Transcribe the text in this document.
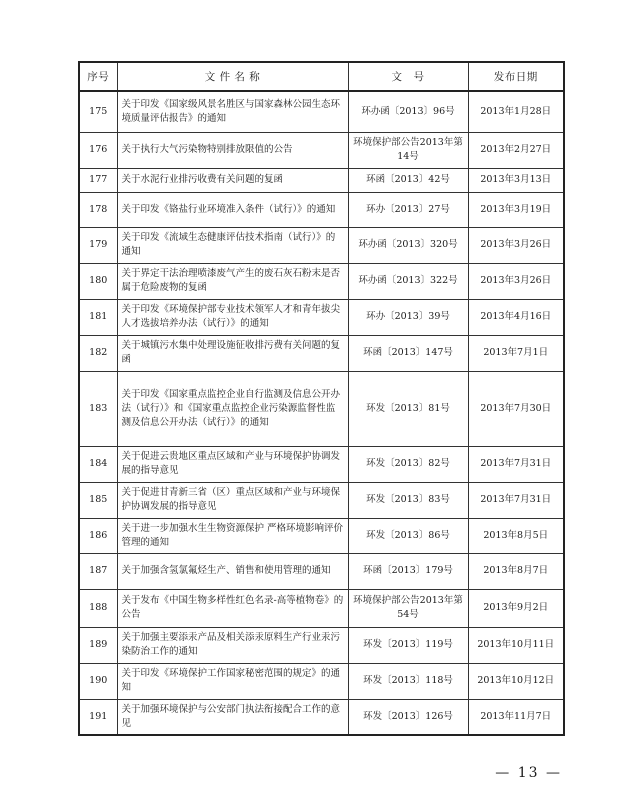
序号	文 件 名 称	文　号	发布日期
175	关于印发《国家级风景名胜区与国家森林公园生态环境质量评估报告》的通知	环办函〔2013〕96号	2013年1月28日
176	关于执行大气污染物特别排放限值的公告	环境保护部公告2013年第14号	2013年2月27日
177	关于水泥行业排污收费有关问题的复函	环函〔2013〕42号	2013年3月13日
178	关于印发《铬盐行业环境准入条件（试行）》的通知	环办〔2013〕27号	2013年3月19日
179	关于印发《流域生态健康评估技术指南（试行）》的通知	环办函〔2013〕320号	2013年3月26日
180	关于界定干法治理喷漆废气产生的废石灰石粉末是否属于危险废物的复函	环办函〔2013〕322号	2013年3月26日
181	关于印发《环境保护部专业技术领军人才和青年拔尖人才选拔培养办法（试行）》的通知	环办〔2013〕39号	2013年4月16日
182	关于城镇污水集中处理设施征收排污费有关问题的复函	环函〔2013〕147号	2013年7月1日
183	关于印发《国家重点监控企业自行监测及信息公开办法（试行）》和《国家重点监控企业污染源监督性监测及信息公开办法（试行）》的通知	环发〔2013〕81号	2013年7月30日
184	关于促进云贵地区重点区域和产业与环境保护协调发展的指导意见	环发〔2013〕82号	2013年7月31日
185	关于促进甘青新三省（区）重点区域和产业与环境保护协调发展的指导意见	环发〔2013〕83号	2013年7月31日
186	关于进一步加强水生生物资源保护 严格环境影响评价管理的通知	环发〔2013〕86号	2013年8月5日
187	关于加强含氢氯氟烃生产、销售和使用管理的通知	环函〔2013〕179号	2013年8月7日
188	关于发布《中国生物多样性红色名录-高等植物卷》的公告	环境保护部公告2013年第54号	2013年9月2日
189	关于加强主要添汞产品及相关添汞原料生产行业汞污染防治工作的通知	环发〔2013〕119号	2013年10月11日
190	关于印发《环境保护工作国家秘密范围的规定》的通知	环发〔2013〕118号	2013年10月12日
191	关于加强环境保护与公安部门执法衔接配合工作的意见	环发〔2013〕126号	2013年11月7日
— 13 —
